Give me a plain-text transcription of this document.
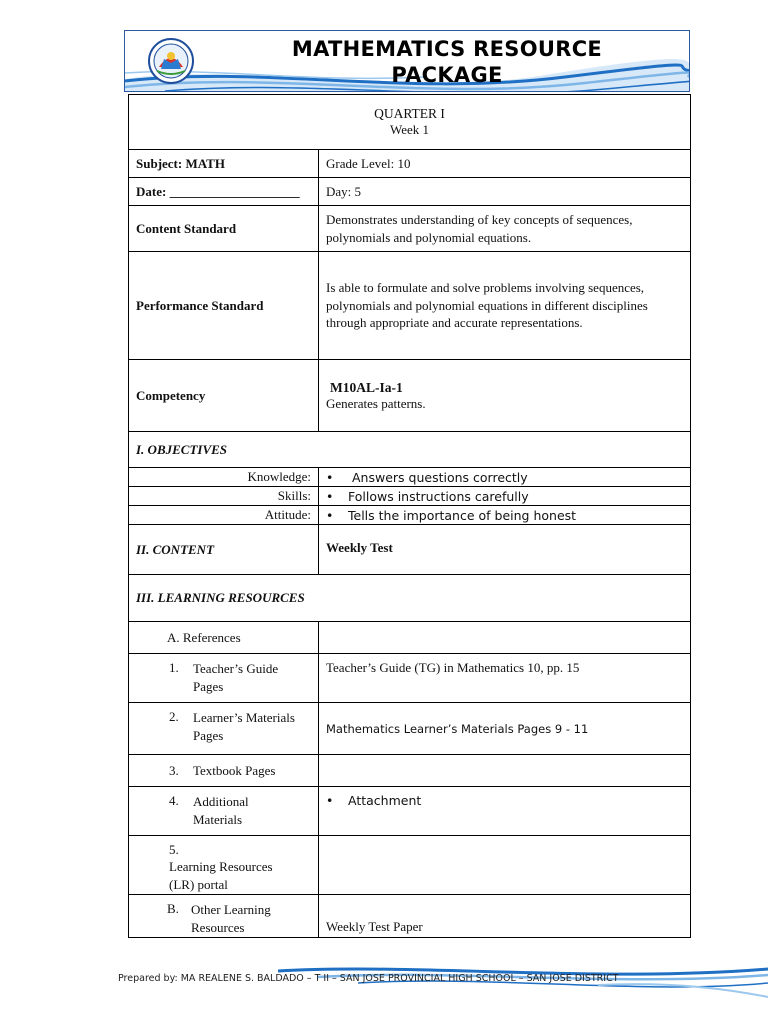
MATHEMATICS RESOURCE
PACKAGE
QUARTER I
Week 1	

Subject: MATH	Grade Level: 10
Date: ____________________	Day: 5
Content Standard	Demonstrates understanding of key concepts of sequences, polynomials and polynomial equations.
Performance Standard	Is able to formulate and solve problems involving sequences, polynomials and polynomial equations in different disciplines through appropriate and accurate representations.
Competency	M10AL-Ia-1
Generates patterns.

I. OBJECTIVES	
Knowledge:	• Answers questions correctly
Skills:	• Follows instructions carefully
Attitude:	• Tells the importance of being honest
II. CONTENT	Weekly Test
III. LEARNING RESOURCES	
A. References	
1. Teacher’s Guide Pages	Teacher’s Guide (TG) in Mathematics 10, pp. 15
2. Learner’s Materials Pages	Mathematics Learner’s Materials Pages 9 - 11
3. Textbook Pages	
4. Additional Materials	• Attachment
5.Learning Resources (LR) portal	
B. Other Learning Resources	Weekly Test Paper
Prepared by: MA REALENE S. BALDADO – T II – SAN JOSE PROVINCIAL HIGH SCHOOL – SAN JOSE DISTRICT
